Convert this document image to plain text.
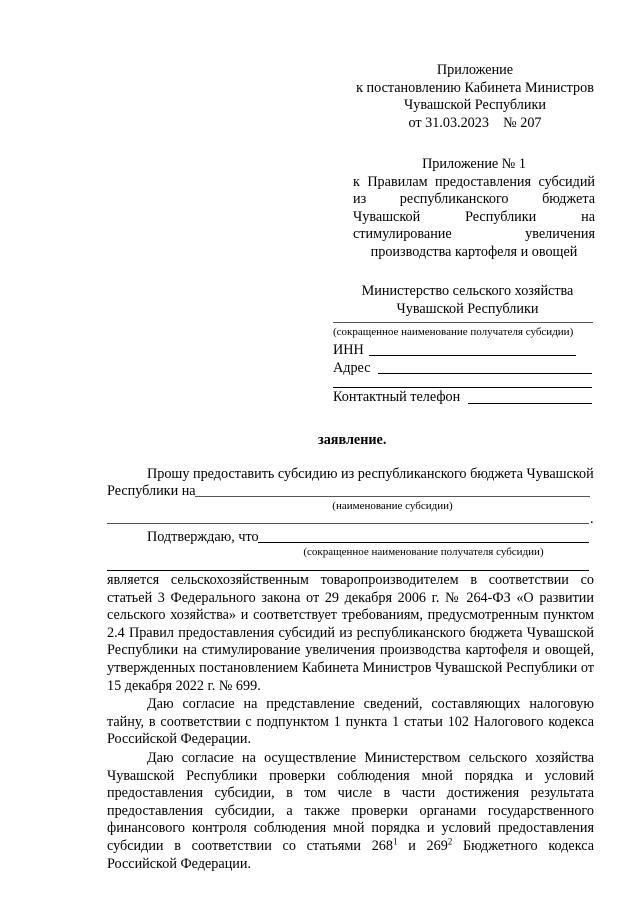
Приложение
к постановлению Кабинета Министров
Чувашской Республики
от 31.03.2023    № 207
Приложение № 1
к Правилам предоставления субсидий из республиканского бюджета Чувашской Республики на стимулирование увеличения производства картофеля и овощей
Министерство сельского хозяйства
Чувашской Республики
(сокращенное наименование получателя субсидии)
ИНН
Адрес
Контактный телефон
заявление.
Прошу предоставить субсидию из республиканского бюджета Чувашской
Республики на
(наименование субсидии)
.
Подтверждаю, что
(сокращенное наименование получателя субсидии)
является сельскохозяйственным товаропроизводителем в соответствии со статьей 3 Федерального закона от 29 декабря 2006 г. № 264-ФЗ «О развитии сельского хозяйства» и соответствует требованиям, предусмотренным пунктом 2.4 Правил предоставления субсидий из республиканского бюджета Чувашской Республики на стимулирование увеличения производства картофеля и овощей, утвержденных постановлением Кабинета Министров Чувашской Республики от 15 декабря 2022 г. № 699.
Даю согласие на представление сведений, составляющих налоговую тайну, в соответствии с подпунктом 1 пункта 1 статьи 102 Налогового кодекса Российской Федерации.
Даю согласие на осуществление Министерством сельского хозяйства Чувашской Республики проверки соблюдения мной порядка и условий предоставления субсидии, в том числе в части достижения результата предоставления субсидии, а также проверки органами государственного финансового контроля соблюдения мной порядка и условий предоставления субсидии в соответствии со статьями $268^1$ и $269^2$ Бюджетного кодекса Российской Федерации.
